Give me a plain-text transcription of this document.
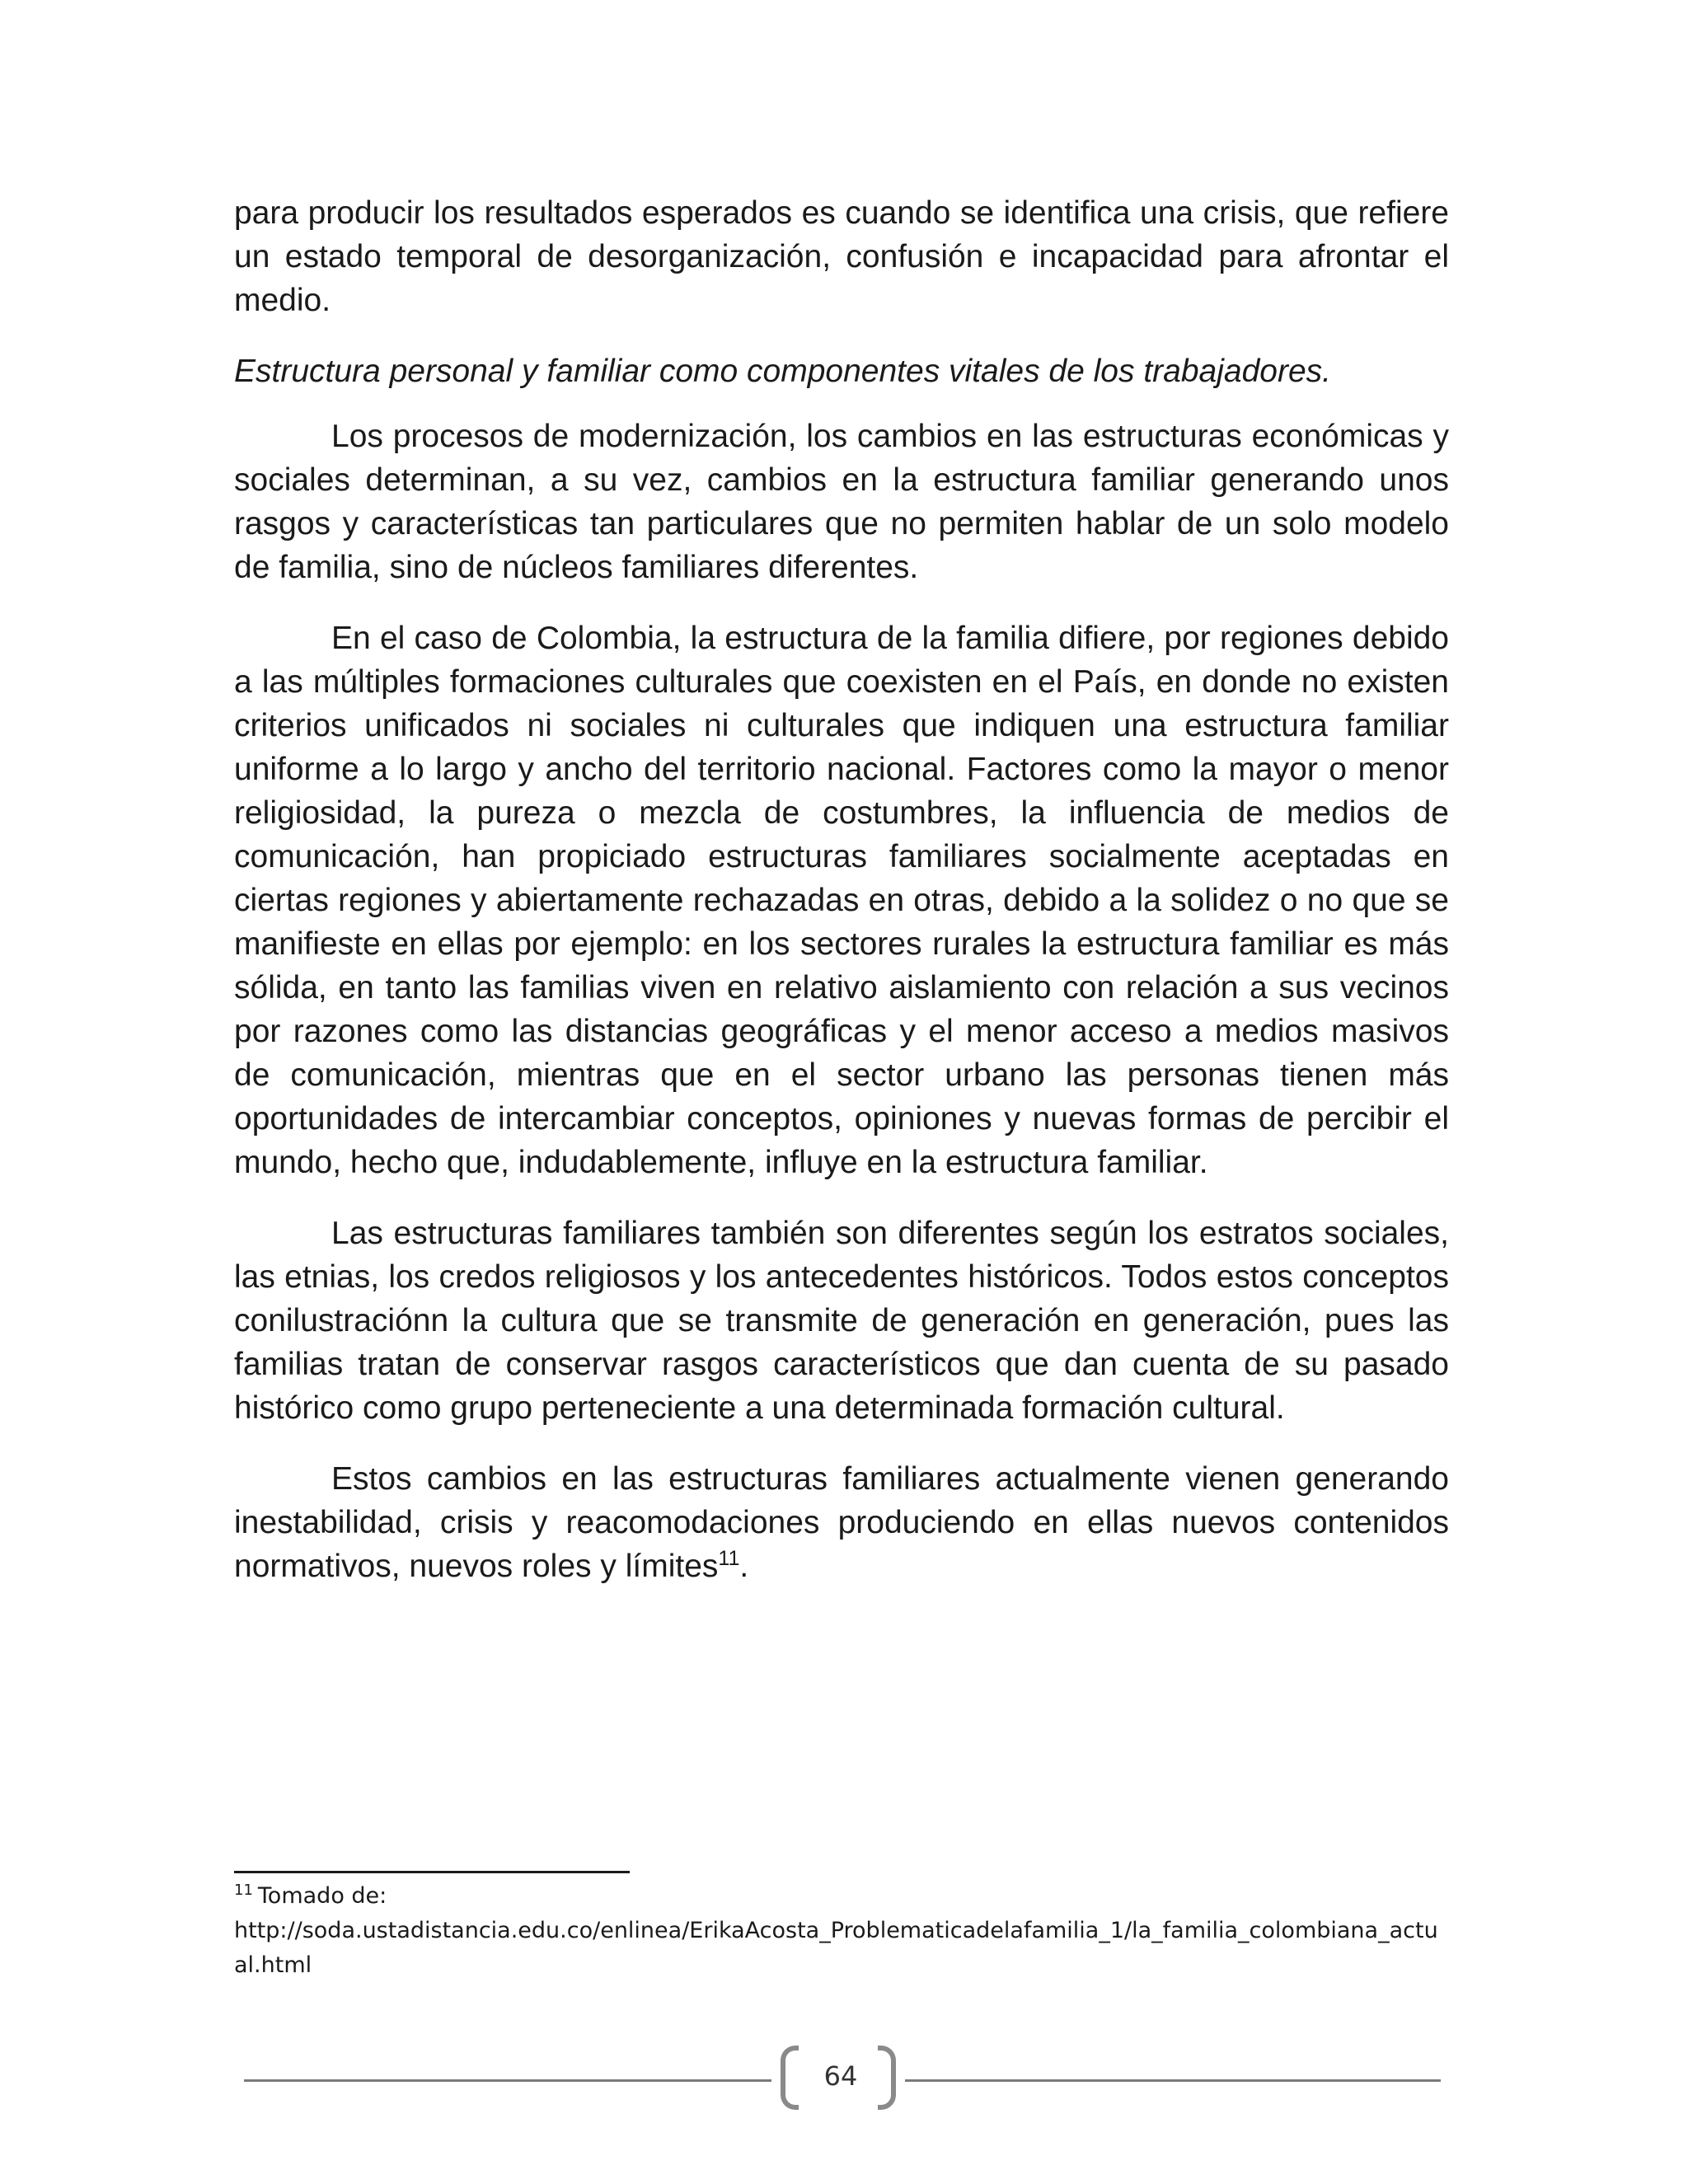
para producir los resultados esperados es cuando se identifica una crisis, que refiere un estado temporal de desorganización, confusión e incapacidad para afrontar el medio.

Estructura personal y familiar como componentes vitales de los trabajadores.

Los procesos de modernización, los cambios en las estructuras económicas y sociales determinan, a su vez, cambios en la estructura familiar generando unos rasgos y características tan particulares que no permiten hablar de un solo modelo de familia, sino de núcleos familiares diferentes.

En el caso de Colombia, la estructura de la familia difiere, por regiones debido a las múltiples formaciones culturales que coexisten en el País, en donde no existen criterios unificados ni sociales ni culturales que indiquen una estructura familiar uniforme a lo largo y ancho del territorio nacional. Factores como la mayor o menor religiosidad, la pureza o mezcla de costumbres, la influencia de medios de comunicación, han propiciado estructuras familiares socialmente aceptadas en ciertas regiones y abiertamente rechazadas en otras, debido a la solidez o no que se manifieste en ellas por ejemplo: en los sectores rurales la estructura familiar es más sólida, en tanto las familias viven en relativo aislamiento con relación a sus vecinos por razones como las distancias geográficas y el menor acceso a medios masivos de comunicación, mientras que en el sector urbano las personas tienen más oportunidades de intercambiar conceptos, opiniones y nuevas formas de percibir el mundo, hecho que, indudablemente, influye en la estructura familiar.

Las estructuras familiares también son diferentes según los estratos sociales, las etnias, los credos religiosos y los antecedentes históricos. Todos estos conceptos conilustraciónn la cultura que se transmite de generación en generación, pues las familias tratan de conservar rasgos característicos que dan cuenta de su pasado histórico como grupo perteneciente a una determinada formación cultural.

Estos cambios en las estructuras familiares actualmente vienen generando inestabilidad, crisis y reacomodaciones produciendo en ellas nuevos contenidos normativos, nuevos roles y límites$^{11}$.

$^{11}$ Tomado de:
http://soda.ustadistancia.edu.co/enlinea/ErikaAcosta_Problematicadelafamilia_1/la_familia_colombiana_actual.html
64
